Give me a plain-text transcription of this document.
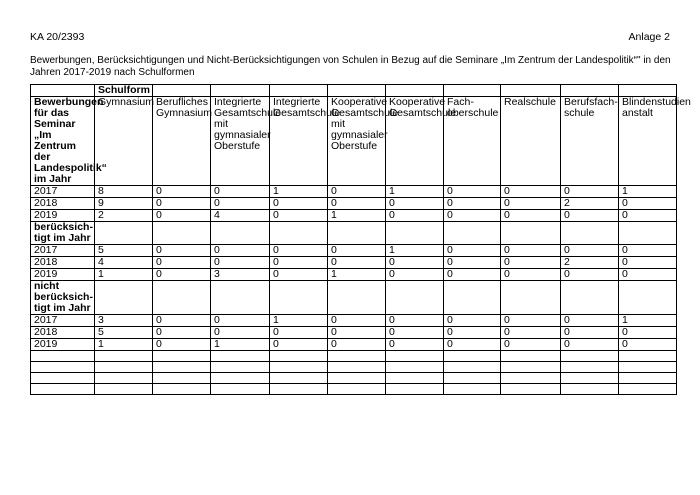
KA 20/2393	Anlage 2
Bewerbungen, Berücksichtigungen und Nicht-Berücksichtigungen von Schulen in Bezug auf die Seminare „Im Zentrum der Landespolitik“" in den Jahren 2017-2019 nach Schulformen
	Schulform									
Bewerbungen für das Seminar „Im Zentrum der Landespolitik“ im Jahr	Gymnasium	Berufliches Gymnasium	Integrierte Gesamtschule mit gymnasialer Oberstufe	Integrierte Gesamtschule	Kooperative Gesamtschule mit gymnasialer Oberstufe	Kooperative Gesamtschule	Fach-oberschule	Realschule	Berufsfach-schule	Blindenstudien anstalt
2017	8	0	0	1	0	1	0	0	0	1
2018	9	0	0	0	0	0	0	0	2	0
2019	2	0	4	0	1	0	0	0	0	0
berücksich-tigt im Jahr										
2017	5	0	0	0	0	1	0	0	0	0
2018	4	0	0	0	0	0	0	0	2	0
2019	1	0	3	0	1	0	0	0	0	0
nicht berücksich-tigt im Jahr										
2017	3	0	0	1	0	0	0	0	0	1
2018	5	0	0	0	0	0	0	0	0	0
2019	1	0	1	0	0	0	0	0	0	0
